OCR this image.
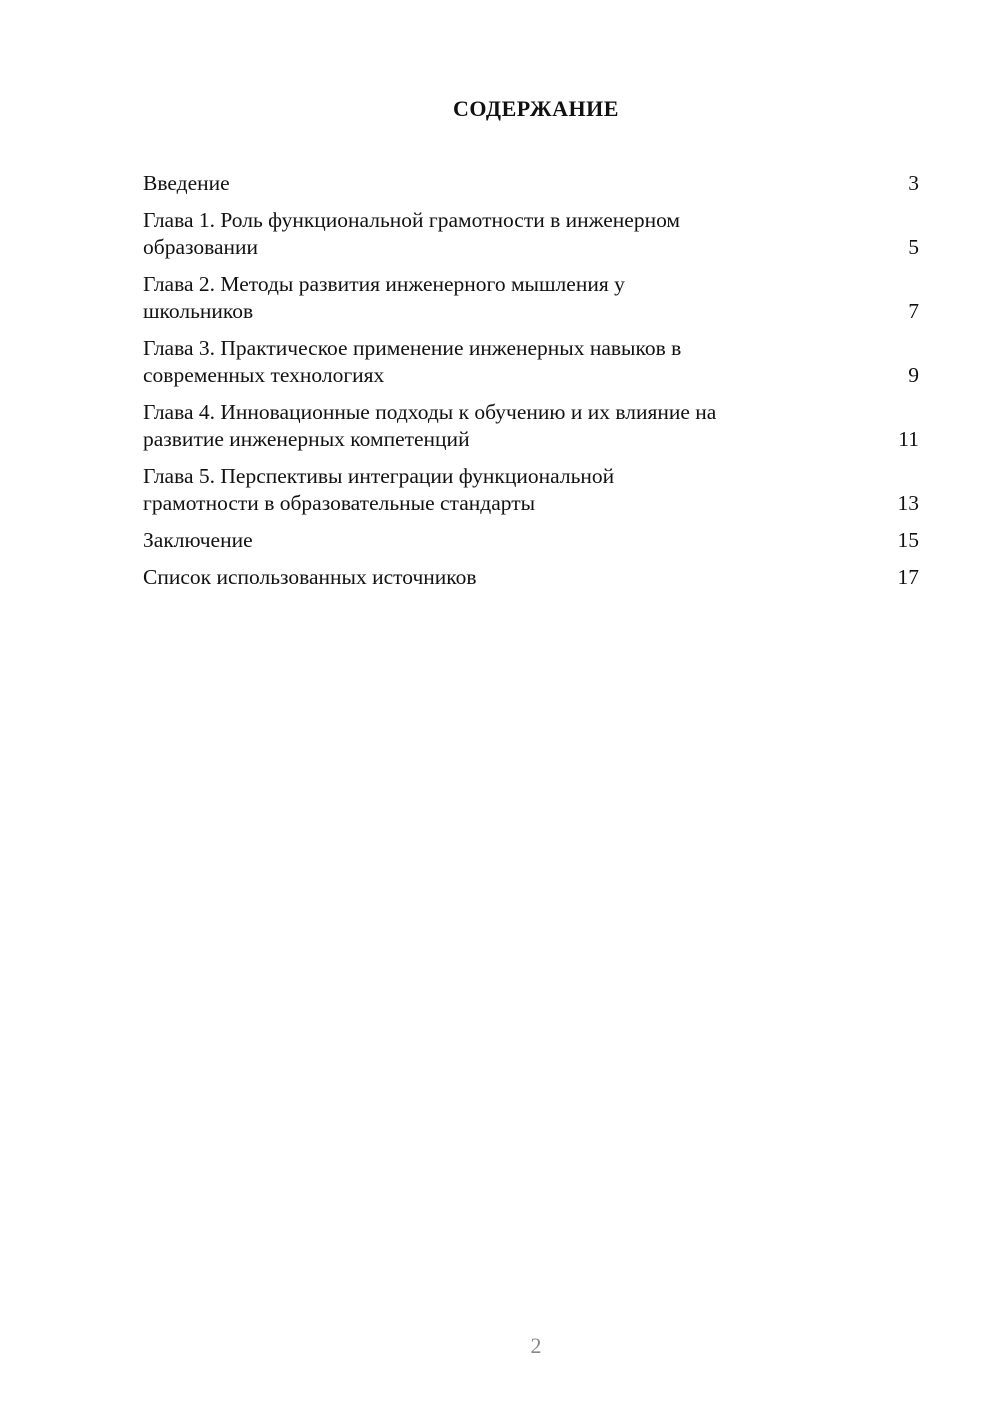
СОДЕРЖАНИЕ
Введение	3
Глава 1. Роль функциональной грамотности в инженерном
образовании	5
Глава 2. Методы развития инженерного мышления у
школьников	7
Глава 3. Практическое применение инженерных навыков в
современных технологиях	9
Глава 4. Инновационные подходы к обучению и их влияние на
развитие инженерных компетенций	11
Глава 5. Перспективы интеграции функциональной
грамотности в образовательные стандарты	13
Заключение	15
Список использованных источников	17
2
